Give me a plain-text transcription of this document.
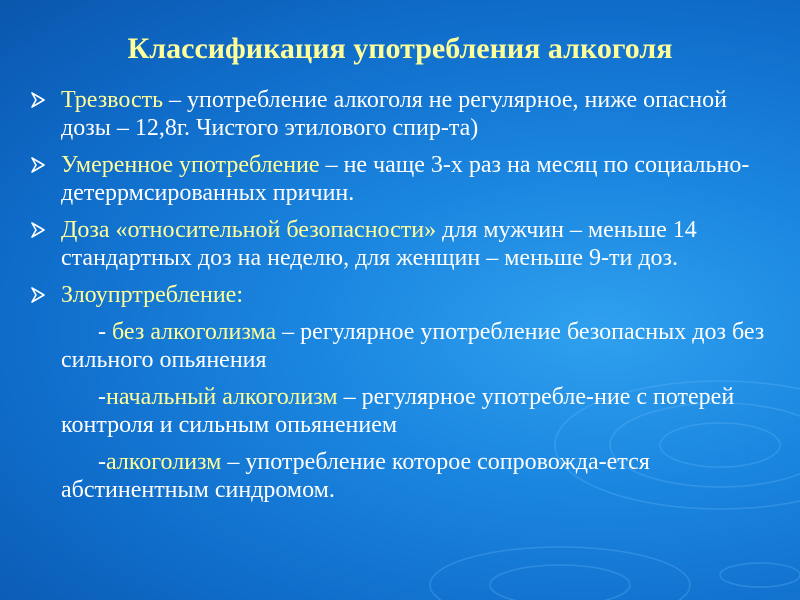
Классификация употребления алкоголя
Трезвость – употребление алкоголя не регулярное, ниже опасной дозы – 12,8г. Чистого этилового спир-та)
Умеренное употребление – не чаще 3-х раз на месяц по социально-детеррмсированных причин.
Доза «относительной безопасности» для мужчин – меньше 14 стандартных доз на неделю, для женщин – меньше 9-ти доз.
Злоупртребление:
- без алкоголизма – регулярное употребление безопасных доз без сильного опьянения
-начальный алкоголизм – регулярное употребле-ние с потерей контроля и сильным опьянением
-алкоголизм – употребление которое сопровожда-ется абстинентным синдромом.
